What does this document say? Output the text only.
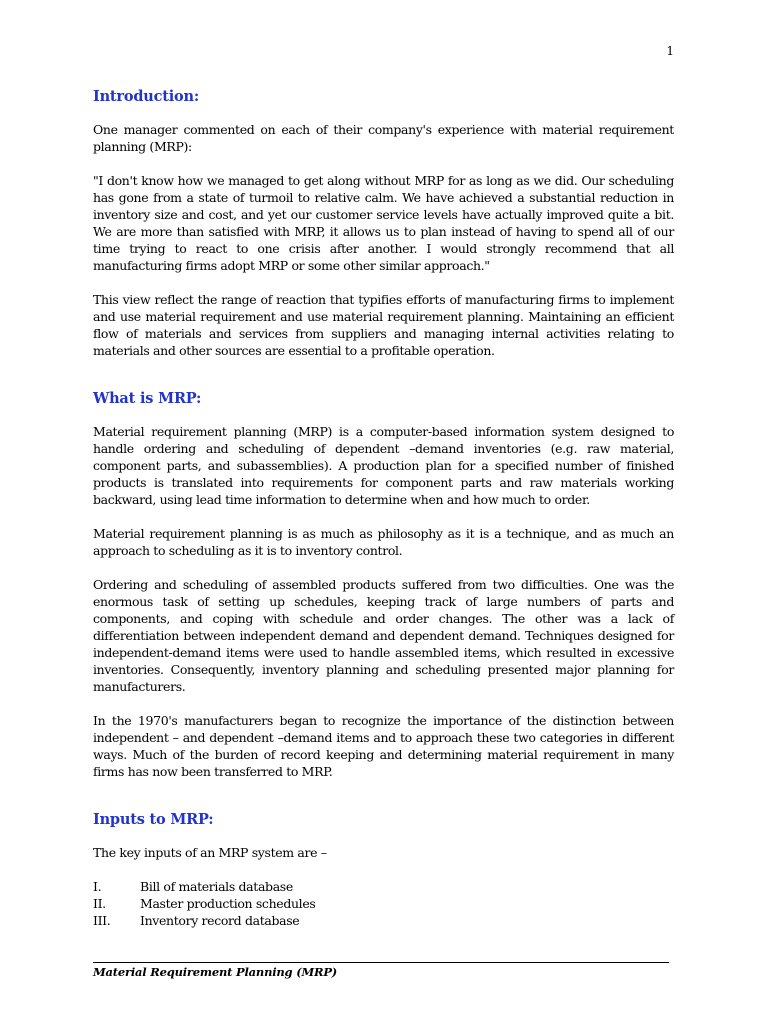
1
Introduction:

One manager commented on each of their company's experience with material requirement planning (MRP):

"I don't know how we managed to get along without MRP for as long as we did. Our scheduling has gone from a state of turmoil to relative calm. We have achieved a substantial reduction in inventory size and cost, and yet our customer service levels have actually improved quite a bit. We are more than satisfied with MRP, it allows us to plan instead of having to spend all of our time trying to react to one crisis after another. I would strongly recommend that all manufacturing firms adopt MRP or some other similar approach."

This view reflect the range of reaction that typifies efforts of manufacturing firms to implement and use material requirement and use material requirement planning. Maintaining an efficient flow of materials and services from suppliers and managing internal activities relating to materials and other sources are essential to a profitable operation.

What is MRP:

Material requirement planning (MRP) is a computer-based information system designed to handle ordering and scheduling of dependent –demand inventories (e.g. raw material, component parts, and subassemblies). A production plan for a specified number of finished products is translated into requirements for component parts and raw materials working backward, using lead time information to determine when and how much to order.

Material requirement planning is as much as philosophy as it is a technique, and as much an approach to scheduling as it is to inventory control.

Ordering and scheduling of assembled products suffered from two difficulties. One was the enormous task of setting up schedules, keeping track of large numbers of parts and components, and coping with schedule and order changes. The other was a lack of differentiation between independent demand and dependent demand. Techniques designed for independent-demand items were used to handle assembled items, which resulted in excessive inventories. Consequently, inventory planning and scheduling presented major planning for manufacturers.

In the 1970's manufacturers began to recognize the importance of the distinction between independent – and dependent –demand items and to approach these two categories in different ways. Much of the burden of record keeping and determining material requirement in many firms has now been transferred to MRP.

Inputs to MRP:

The key inputs of an MRP system are –

I.	Bill of materials database
II.	Master production schedules
III.	Inventory record database
Material Requirement Planning (MRP)
